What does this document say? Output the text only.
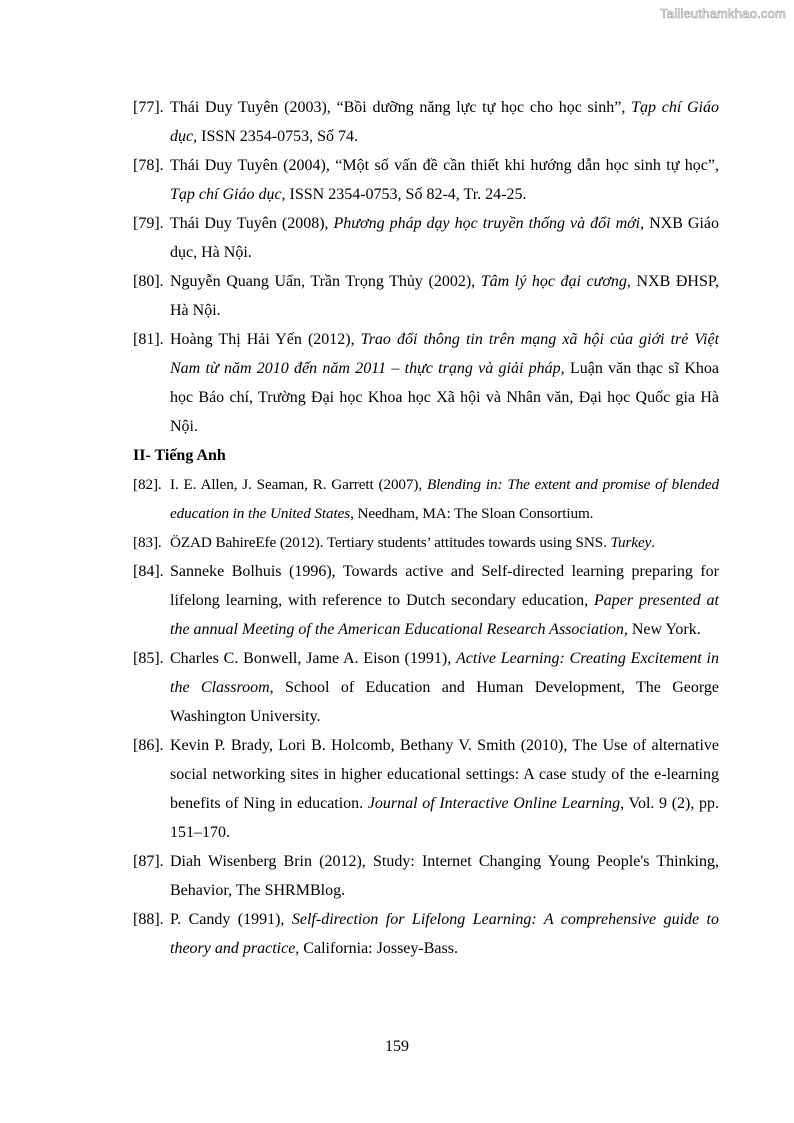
Tailieuthamkhao.com
[77]. Thái Duy Tuyên (2003), “Bồi dưỡng năng lực tự học cho học sinh”, Tạp chí Giáo dục, ISSN 2354-0753, Số 74.
[78]. Thái Duy Tuyên (2004), “Một số vấn đề cần thiết khi hướng dẫn học sinh tự học”, Tạp chí Giáo dục, ISSN 2354-0753, Số 82-4, Tr. 24-25.
[79]. Thái Duy Tuyên (2008), Phương pháp dạy học truyền thống và đổi mới, NXB Giáo dục, Hà Nội.
[80]. Nguyễn Quang Uẩn, Trần Trọng Thủy (2002), Tâm lý học đại cương, NXB ĐHSP, Hà Nội.
[81]. Hoàng Thị Hải Yến (2012), Trao đổi thông tin trên mạng xã hội của giới trẻ Việt Nam từ năm 2010 đến năm 2011 – thực trạng và giải pháp, Luận văn thạc sĩ Khoa học Báo chí, Trường Đại học Khoa học Xã hội và Nhân văn, Đại học Quốc gia Hà Nội.
II- Tiếng Anh
[82]. I. E. Allen, J. Seaman, R. Garrett (2007), Blending in: The extent and promise of blended education in the United States, Needham, MA: The Sloan Consortium.
[83]. ÖZAD BahireEfe (2012). Tertiary students’ attitudes towards using SNS. Turkey.
[84]. Sanneke Bolhuis (1996), Towards active and Self-directed learning preparing for lifelong learning, with reference to Dutch secondary education, Paper presented at the annual Meeting of the American Educational Research Association, New York.
[85]. Charles C. Bonwell, Jame A. Eison (1991), Active Learning: Creating Excitement in the Classroom, School of Education and Human Development, The George Washington University.
[86]. Kevin P. Brady, Lori B. Holcomb, Bethany V. Smith (2010), The Use of alternative social networking sites in higher educational settings: A case study of the e-learning benefits of Ning in education. Journal of Interactive Online Learning, Vol. 9 (2), pp. 151–170.
[87]. Diah Wisenberg Brin (2012), Study: Internet Changing Young People's Thinking, Behavior, The SHRMBlog.
[88]. P. Candy (1991), Self-direction for Lifelong Learning: A comprehensive guide to theory and practice, California: Jossey-Bass.
159
